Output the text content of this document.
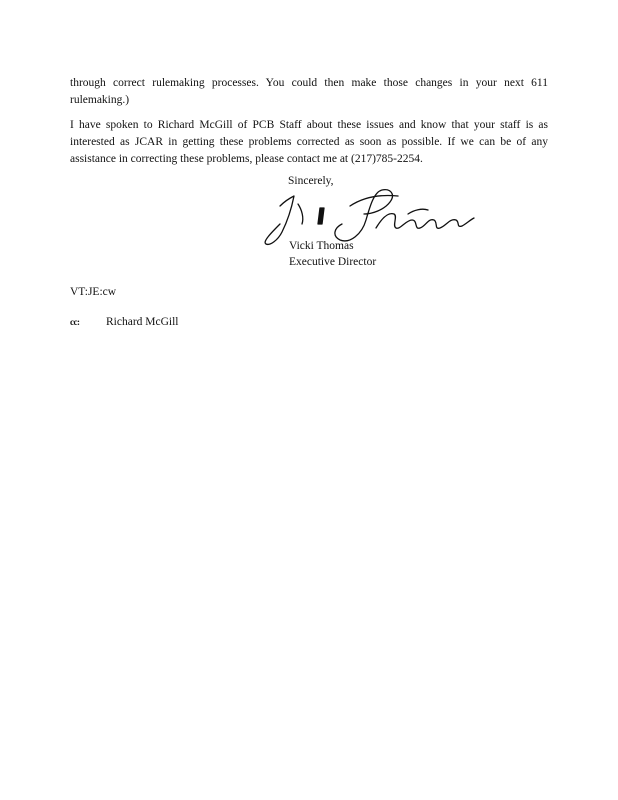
through correct rulemaking processes. You could then make those changes in your next 611 rulemaking.)

I have spoken to Richard McGill of PCB Staff about these issues and know that your staff is as interested as JCAR in getting these problems corrected as soon as possible. If we can be of any assistance in correcting these problems, please contact me at (217)785-2254.

Sincerely,

Vicki Thomas

Executive Director

VT:JE:cw

cc:	Richard McGill
